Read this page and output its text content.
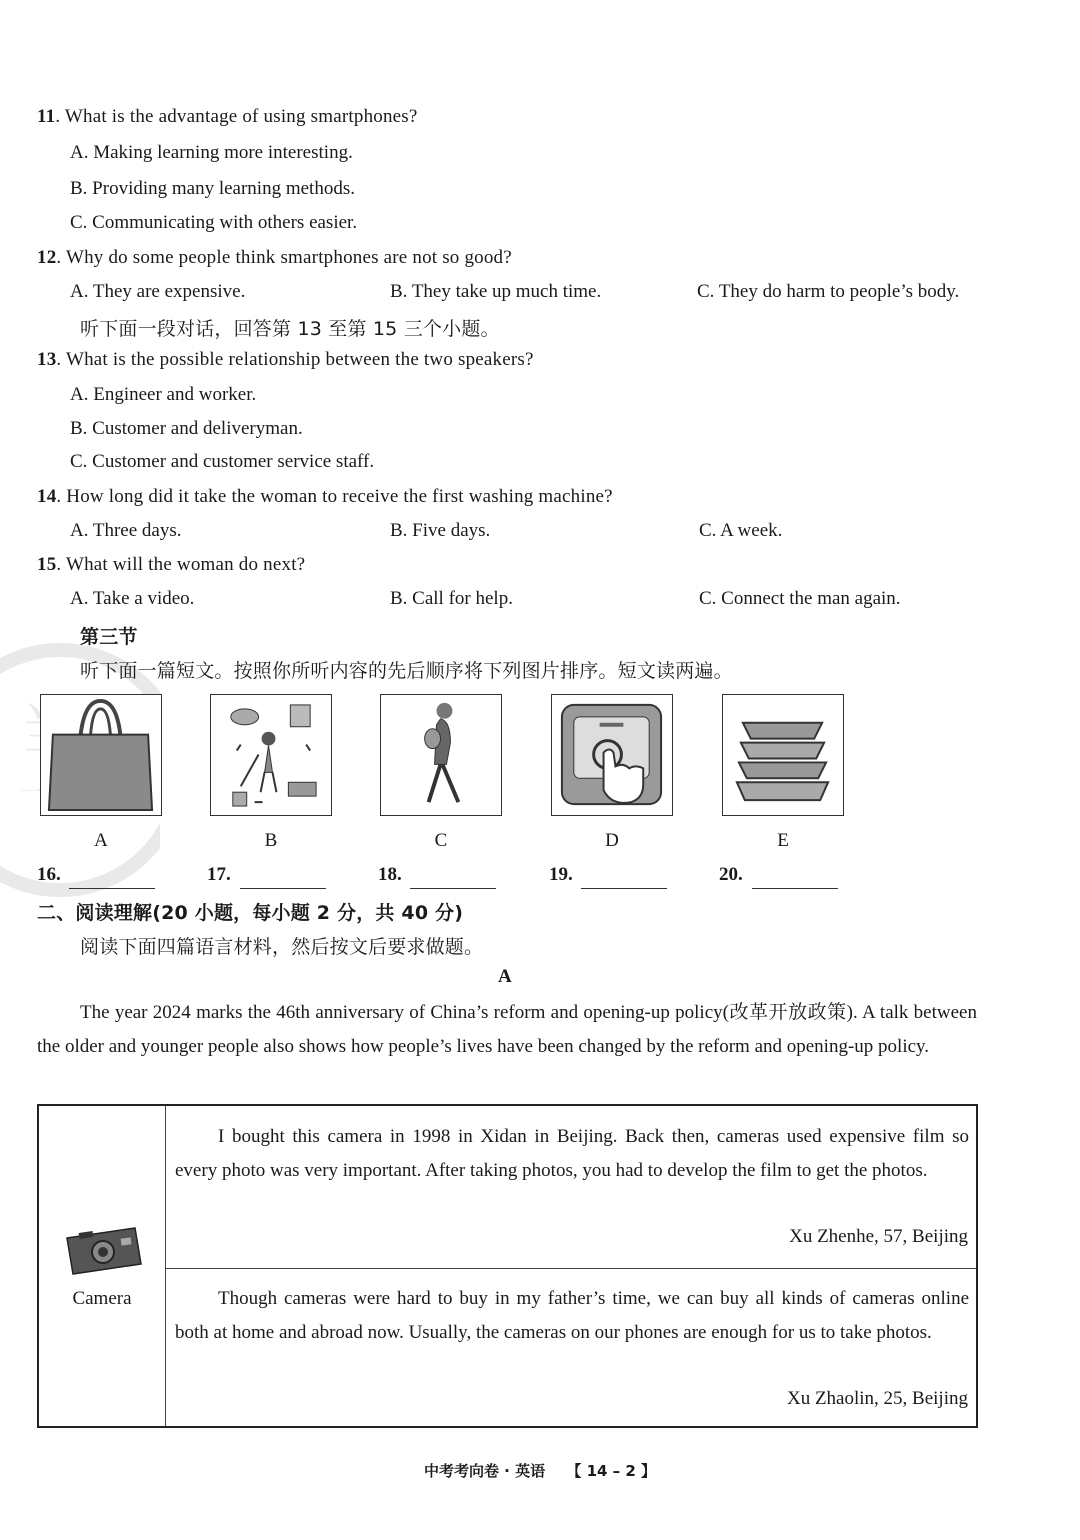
11. What is the advantage of using smartphones?
A. Making learning more interesting.
B. Providing many learning methods.
C. Communicating with others easier.
12. Why do some people think smartphones are not so good?
A. They are expensive.	B. They take up much time.	C. They do harm to people’s body.
听下面一段对话，回答第 13 至第 15 三个小题。
13. What is the possible relationship between the two speakers?
A. Engineer and worker.
B. Customer and deliveryman.
C. Customer and customer service staff.
14. How long did it take the woman to receive the first washing machine?
A. Three days.	B. Five days.	C. A week.
15. What will the woman do next?
A. Take a video.	B. Call for help.	C. Connect the man again.
第三节
听下面一篇短文。按照你所听内容的先后顺序将下列图片排序。短文读两遍。
A	B	C	D	E
16.	17.	18.	19.	20.
二、阅读理解(20 小题，每小题 2 分，共 40 分)
阅读下面四篇语言材料，然后按文后要求做题。
A
The year 2024 marks the 46th anniversary of China’s reform and opening-up policy(改革开放政策). A talk between the older and younger people also shows how people’s lives have been changed by the reform and opening-up policy.
Camera
I bought this camera in 1998 in Xidan in Beijing. Back then, cameras used expensive film so every photo was very important. After taking photos, you had to develop the film to get the photos.
Xu Zhenhe, 57, Beijing
Though cameras were hard to buy in my father’s time, we can buy all kinds of cameras online both at home and abroad now. Usually, the cameras on our phones are enough for us to take photos.
Xu Zhaolin, 25, Beijing
中考考向卷 · 英语 【 14 – 2 】
